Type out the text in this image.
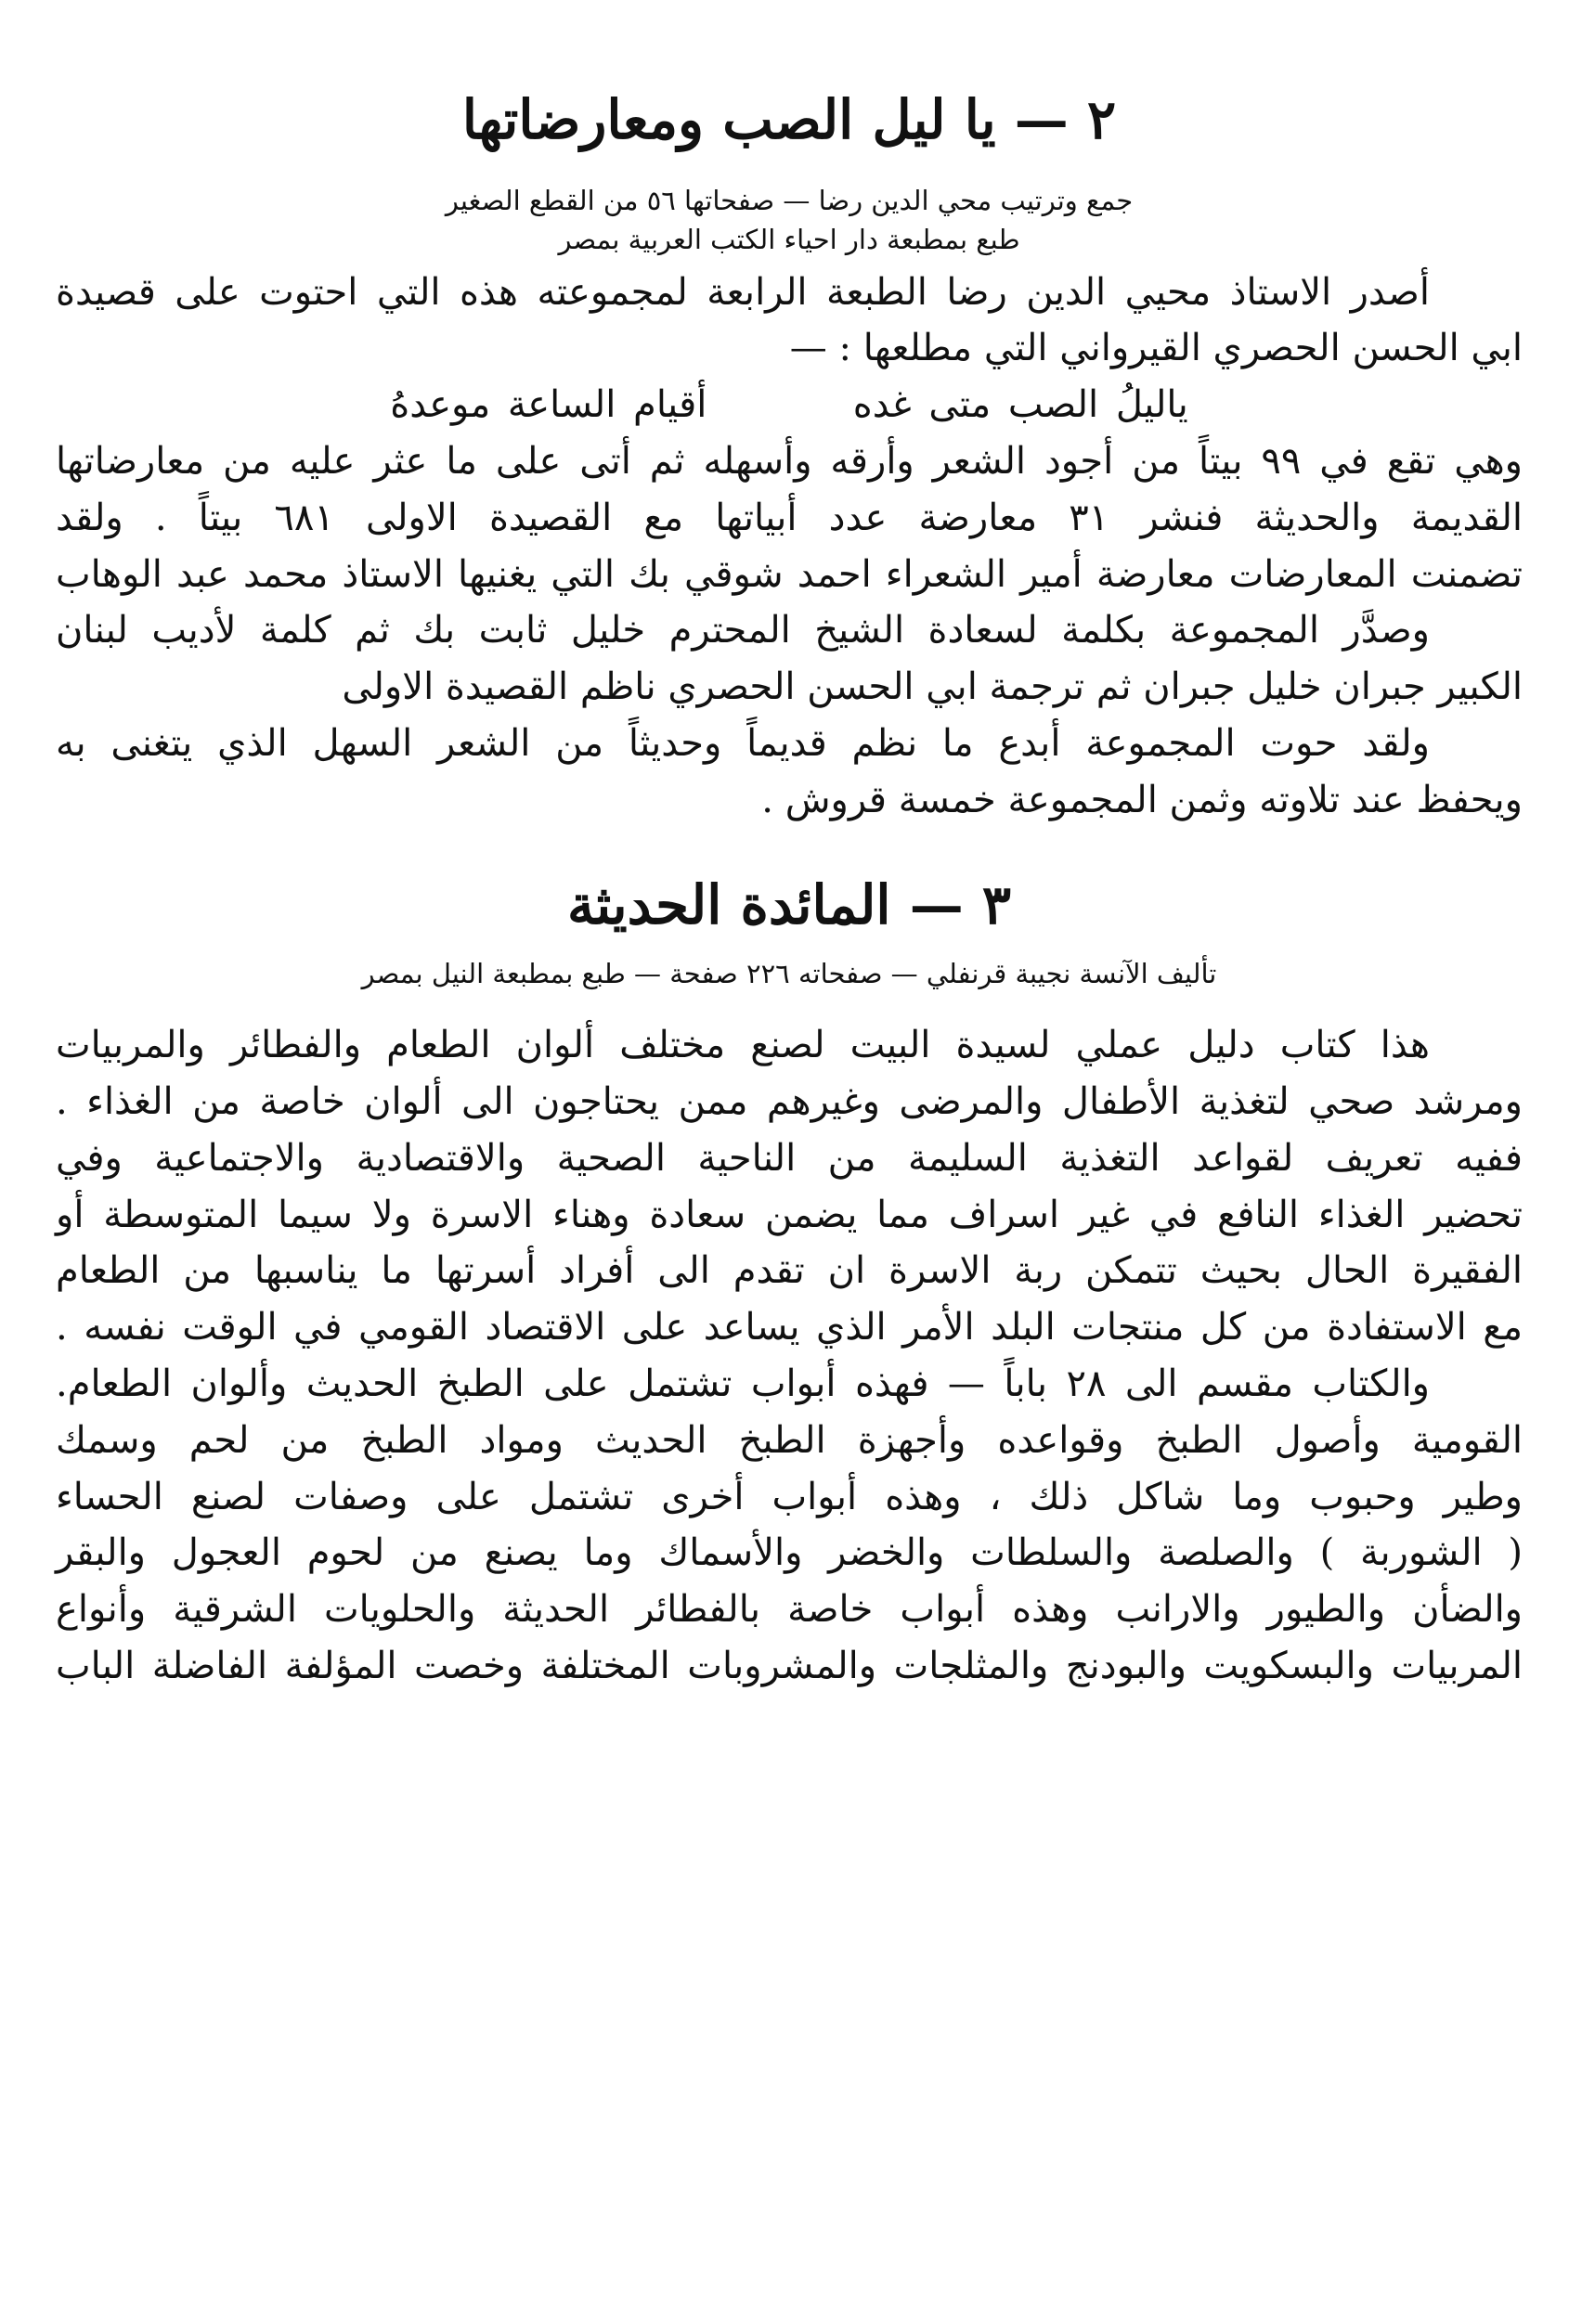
٢ — يا ليل الصب ومعارضاتها

جمع وترتيب محي الدين رضا — صفحاتها ٥٦ من القطع الصغير

طبع بمطبعة دار احياء الكتب العربية بمصر

أصدر الاستاذ محيي الدين رضا الطبعة الرابعة لمجموعته هذه التي احتوت على قصيدة
ابي الحسن الحصري القيرواني التي مطلعها : —

ياليلُ الصب متى غده  أقيام الساعة موعدهُ

وهي تقع في ٩٩ بيتاً من أجود الشعر وأرقه وأسهله ثم أتى على ما عثر عليه من معارضاتها
القديمة والحديثة فنشر ٣١ معارضة عدد أبياتها مع القصيدة الاولى ٦٨١ بيتاً . ولقد
تضمنت المعارضات معارضة أمير الشعراء احمد شوقي بك التي يغنيها الاستاذ محمد عبد الوهاب

وصدَّر المجموعة بكلمة لسعادة الشيخ المحترم خليل ثابت بك ثم كلمة لأديب لبنان
الكبير جبران خليل جبران ثم ترجمة ابي الحسن الحصري ناظم القصيدة الاولى

ولقد حوت المجموعة أبدع ما نظم قديماً وحديثاً من الشعر السهل الذي يتغنى به
ويحفظ عند تلاوته وثمن المجموعة خمسة قروش .

٣ — المائدة الحديثة

تأليف الآنسة نجيبة قرنفلي — صفحاته ٢٢٦ صفحة — طبع بمطبعة النيل بمصر

هذا كتاب دليل عملي لسيدة البيت لصنع مختلف ألوان الطعام والفطائر والمربيات
ومرشد صحي لتغذية الأطفال والمرضى وغيرهم ممن يحتاجون الى ألوان خاصة من الغذاء .
ففيه تعريف لقواعد التغذية السليمة من الناحية الصحية والاقتصادية والاجتماعية وفي
تحضير الغذاء النافع في غير اسراف مما يضمن سعادة وهناء الاسرة ولا سيما المتوسطة أو
الفقيرة الحال بحيث تتمكن ربة الاسرة ان تقدم الى أفراد أسرتها ما يناسبها من الطعام
مع الاستفادة من كل منتجات البلد الأمر الذي يساعد على الاقتصاد القومي في الوقت نفسه .

والكتاب مقسم الى ٢٨ باباً — فهذه أبواب تشتمل على الطبخ الحديث وألوان الطعام.
القومية وأصول الطبخ وقواعده وأجهزة الطبخ الحديث ومواد الطبخ من لحم وسمك
وطير وحبوب وما شاكل ذلك ، وهذه أبواب أخرى تشتمل على وصفات لصنع الحساء
( الشوربة ) والصلصة والسلطات والخضر والأسماك وما يصنع من لحوم العجول والبقر
والضأن والطيور والارانب وهذه أبواب خاصة بالفطائر الحديثة والحلويات الشرقية وأنواع
المربيات والبسكويت والبودنج والمثلجات والمشروبات المختلفة وخصت المؤلفة الفاضلة الباب
